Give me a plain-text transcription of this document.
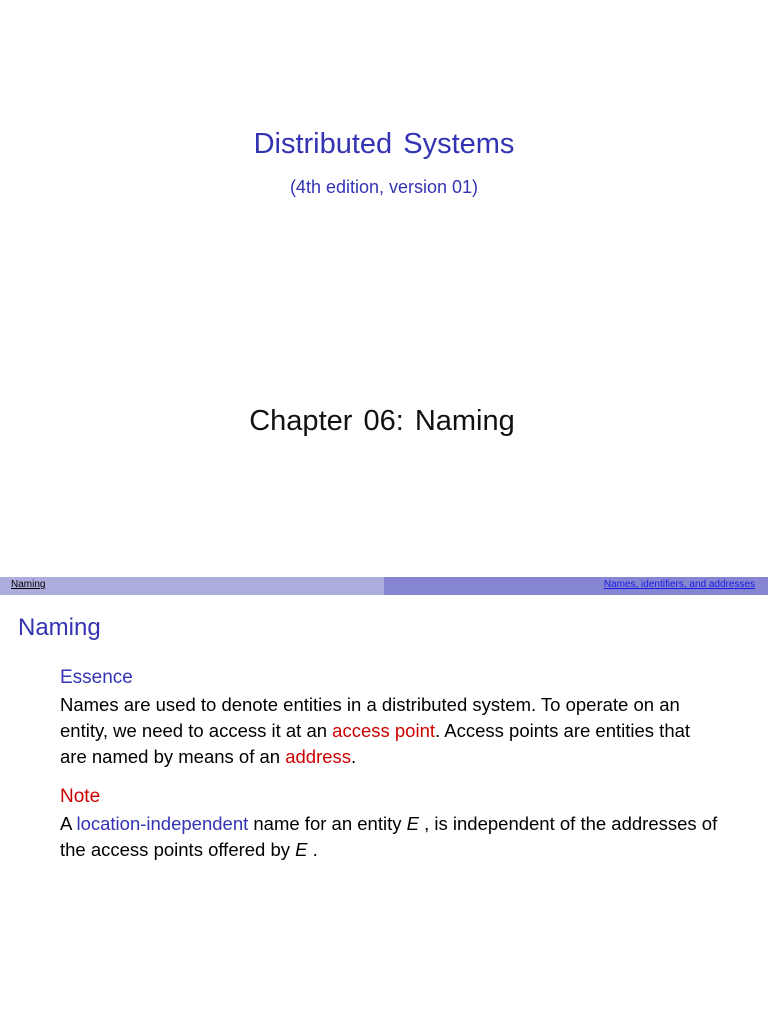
Distributed Systems
(4th edition, version 01)
Chapter 06: Naming
Naming	Names, identifiers, and addresses
Naming
Essence
Names are used to denote entities in a distributed system. To operate on an entity, we need to access it at an access point. Access points are entities that are named by means of an address.
Note
A location-independent name for an entity E , is independent of the addresses of the access points offered by E .
